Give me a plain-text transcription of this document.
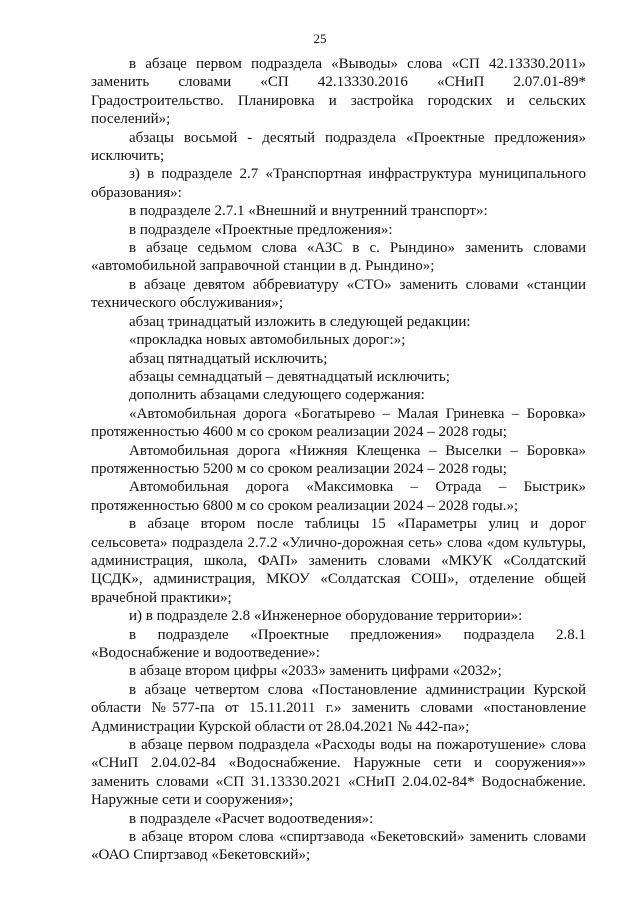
25

в абзаце первом подраздела «Выводы» слова «СП 42.13330.2011» заменить словами «СП 42.13330.2016 «СНиП 2.07.01-89* Градостроительство. Планировка и застройка городских и сельских поселений»;

абзацы восьмой - десятый подраздела «Проектные предложения» исключить;

з) в подразделе 2.7 «Транспортная инфраструктура муниципального образования»:

в подразделе 2.7.1 «Внешний и внутренний транспорт»:

в подразделе «Проектные предложения»:

в абзаце седьмом слова «АЗС в с. Рындино» заменить словами «автомобильной заправочной станции в д. Рындино»;

в абзаце девятом аббревиатуру «СТО» заменить словами «станции технического обслуживания»;

абзац тринадцатый изложить в следующей редакции:

«прокладка новых автомобильных дорог:»;

абзац пятнадцатый исключить;

абзацы семнадцатый – девятнадцатый исключить;

дополнить абзацами следующего содержания:

«Автомобильная дорога «Богатырево – Малая Гриневка – Боровка» протяженностью 4600 м со сроком реализации 2024 – 2028 годы;

Автомобильная дорога «Нижняя Клещенка – Выселки – Боровка» протяженностью 5200 м со сроком реализации 2024 – 2028 годы;

Автомобильная дорога «Максимовка – Отрада – Быстрик» протяженностью 6800 м со сроком реализации 2024 – 2028 годы.»;

в абзаце втором после таблицы 15 «Параметры улиц и дорог сельсовета» подраздела 2.7.2 «Улично-дорожная сеть» слова «дом культуры, администрация, школа, ФАП» заменить словами «МКУК «Солдатский ЦСДК», администрация, МКОУ «Солдатская СОШ», отделение общей врачебной практики»;

и) в подразделе 2.8 «Инженерное оборудование территории»:

в подразделе «Проектные предложения» подраздела 2.8.1 «Водоснабжение и водоотведение»:

в абзаце втором цифры «2033» заменить цифрами «2032»;

в абзаце четвертом слова «Постановление администрации Курской области №577-па от 15.11.2011 г.» заменить словами «постановление Администрации Курской области от 28.04.2021 № 442-па»;

в абзаце первом подраздела «Расходы воды на пожаротушение» слова «СНиП 2.04.02-84 «Водоснабжение. Наружные сети и сооружения»» заменить словами «СП 31.13330.2021 «СНиП 2.04.02-84* Водоснабжение. Наружные сети и сооружения»;

в подразделе «Расчет водоотведения»:

в абзаце втором слова «спиртзавода «Бекетовский» заменить словами «ОАО Спиртзавод «Бекетовский»;
